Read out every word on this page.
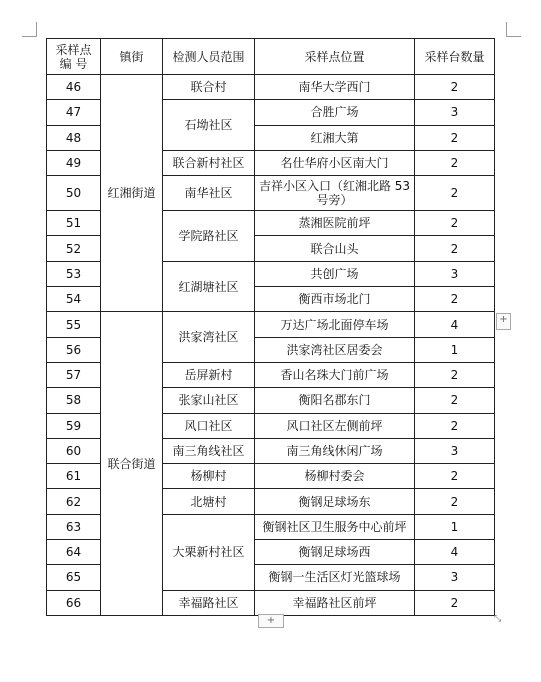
采样点
编 号	镇街	检测人员范围	采样点位置	采样台数量
46	红湘街道	联合村	南华大学西门	2
47		石坳社区	合胜广场	3
48			红湘大第	2
49		联合新村社区	名仕华府小区南大门	2
50		南华社区	吉祥小区入口（红湘北路 53 号旁）	2
51		学院路社区	蒸湘医院前坪	2
52			联合山头	2
53		红湖塘社区	共创广场	3
54			衡西市场北门	2
55	联合街道	洪家湾社区	万达广场北面停车场	4
56			洪家湾社区居委会	1
57		岳屏新村	香山名珠大门前广场	2
58		张家山社区	衡阳名郡东门	2
59		风口社区	风口社区左侧前坪	2
60		南三角线社区	南三角线休闲广场	3
61		杨柳村	杨柳村委会	2
62		北塘村	衡钢足球场东	2
63		大栗新村社区	衡钢社区卫生服务中心前坪	1
64			衡钢足球场西	4
65			衡钢一生活区灯光篮球场	3
66		幸福路社区	幸福路社区前坪	2
+
+	⤡
